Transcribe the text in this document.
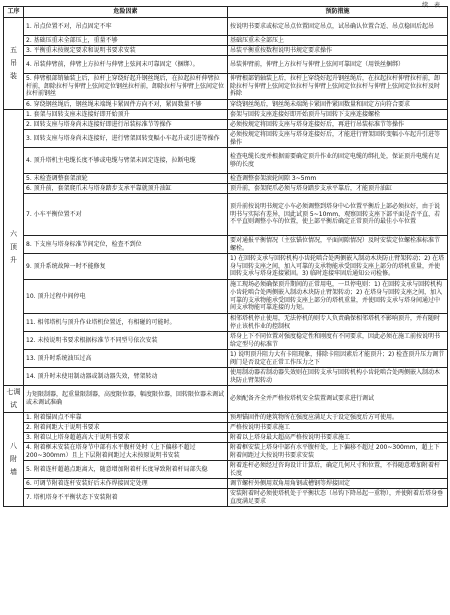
续 表
工序	危险因素	预防措施
五
吊
装	1. 吊点位置不对，吊点固定不牢	按说明书要求或标定吊点位置固定吊点，试吊确认位置合适、吊点稳固后起吊
	2. 基础压重未全部压上，重量不够	基础压重未全部压上
	3. 平衡重未按规定要求和说明书要求安装	吊装平衡重按数程说明书规定要求操作
	4. 吊装伸臂前，伸臂上方拉杆与伸臂上弦间未可靠固定（捆绑）。	吊装伸臂前，伸臂上方拉杆与伸臂上弦间可靠固定（用铁丝捆绑）
	5. 伸臂根部销轴装上后，拉杆上穿绕好起升钢丝绳后，在拉起拉杆伸臂拉杆前，卸除拉杆与伸臂上弦间定位钢丝拉杆前，卸除拉杆与伸臂上弦间定位拉杆前钢丝	伸臂根部销轴装上后，拉杆上穿绕好起升钢丝绳后，在拉起拉杆伸臂拉杆前，卸除拉杆与伸臂上弦间定位拉杆与伸臂上弦间定位拉杆与伸臂上弦间定位拉杆及时拆除
	6. 穿绕钢丝绳后，钢丝绳未端绳卡紧固件方向不对，紧固数量不够	穿绕钢丝绳后，钢丝绳未端绳卡紧固件紧固数量和固定方向符合要求
六
顶
升	1. 套架与回转支座未连接好即开始顶升	套架与回转支座连接好即开始顶升与回转下支座连接螺栓
	2. 回转支座与塔身尚未连接好即进行吊装标准节等操作	必须按规定将回转支座与塔身连接好后，再进行吊装标准节等操作
	3. 回转支座与塔身尚未连接好，进行臂架回转变幅小车起升或引进等操作	必须按规定将回转支座与塔身连接好后，才能进行臂架回转变幅小车起升引进等操作
	4. 顶升塔机主电缆长度不够或电缆与臂架未固定连接，拉断电缆	检查电缆长度并根据需要确定顶升作业的固定电缆的绑扎处，保证顶升电缆有足够的长度
	5. 未检查调整套架滚轮	检查调整套架滚轮间隙 3~5mm
	6. 顶升前，套架爬爪未与塔身踏步支承平靠就顶升油缸	顶升前，套架爬爪必须与塔身踏步支承平靠后，才能顶升油缸
	7. 小车平衡位置不对	顶升前按说明书规定小车必须调整到塔身中心位置平衡后上部必须拉好，由于说明书与实际有差异，因此试顶 5~10mm，观察回转支座下部平面是否平直，若不平直则调整小车的位置，使上部平衡后确定正常顶升的最佳小车位置
	8. 下支座与塔身标准节间定位，检查不到位	要对通报平衡情况（主弦锚位情况，平面间隙情况）及时安装定位螺栓准标准节螺栓。
	9. 顶升系统故障一时不能修复	1) 在回转支承与回转机构小齿轮啮合处两侧嵌入制动木块防止臂架转动；2) 在塔身与回转支座之间，加入可靠的支承物能承受回转支座上部分的塔机重量，并使回转支承与塔身连接紧固。3) 临时连接牢固后通知公司检修。
	10. 顶升过程中间停电	施工现场必须确保顶升期间的正常用电，一旦停电则：1) 在回转支承与回转机构小齿轮啮合处两侧嵌入制动木块防止臂架转动；2) 在塔身与回转支座之间，加入可靠的支承物能承受回转支座上部分的塔机重量，并使回转支承与塔身间通过中间支承物能可靠连接的力矩。
	11. 相邻塔机与顶升作业塔机位置近，有相碰的可能时。	相邻塔机停止使用，无法停机的则专人负责确保相邻塔机不影响顶升，并有随时停止该机作业的控制权
	12. 未按说明书要求根据标准节不同型号依次安装	塔身上下不同位置对强度稳定性和刚度有不同要求，因此必须在施工前按说明书给定型号的标准节
	13. 顶升时系统油压过高	1) 说明顶升阻力大有卡阻现象，排除卡阻因素后才能顶升；2) 检查顶升压力调节阀门是否设定在正常工作压力之下
	14. 顶升时未使用制动器或制动器失效，臂架转动	使用制动器若制动器失效则在回转支承与回转机构小齿轮啮合处两侧嵌入制动木块防止臂架转动
七调试	力矩限制器，起重量限制器，高度限位器，幅度限位器，回转限位器未调试或未调试准确	必须配备齐全并严格按塔机安全装置调试要求进行调试
八
附
墙	1. 附着锚固点不牢靠	预埋锚固件的建筑物所在强度应满足大于设定强度后方可使用。
	2. 附着间距大于说明书要求	严格按说明书要求施工
	3. 附着以上塔身超越高大于说明书要求	附着以上塔身最大超高严格按说明书要求施工
	4. 附着框未安装在塔身节中部有水平腹杆处时（上下偏移不超过 200~300mm）且上下层附着间距过大未按原说明书安装	附着框安装上塔身中部有水平腹杆处，上下偏移不超过 200~300mm，超上下附着间距过大按说明书要求安装
	5. 附着连杆超越点距离大，随意增加附着杆长度导致附着杆局部失稳	附着连杆必须经过咨询设计计算后，确定几何尺寸和位置，不得随意增加附着杆长度
	6. 可调节附着连杆安装好后未作焊接固定处理	调节螺杆外侧用双角用角钢或槽钢等焊接固定
	7. 塔机塔身不平衡状态下安装附着	安装附着时必须使塔机处于平衡状态（吊钩下降吊起一重物），并使附着后塔身垂直度满足要求
